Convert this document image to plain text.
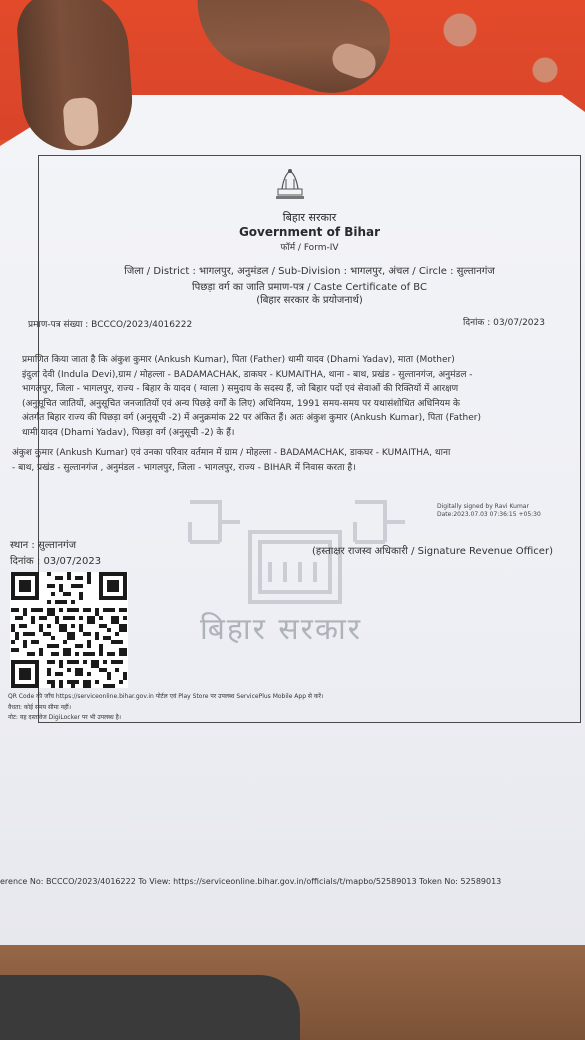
बिहार सरकार
Government of Bihar
फॉर्म / Form-IV
जिला / District : भागलपुर, अनुमंडल / Sub-Division : भागलपुर, अंचल / Circle : सुल्तानगंज
पिछड़ा वर्ग का जाति प्रमाण-पत्र / Caste Certificate of BC
(बिहार सरकार के प्रयोजनार्थ)
प्रमाण-पत्र संख्या : BCCCO/2023/4016222	दिनांक : 03/07/2023
प्रमाणित किया जाता है कि अंकुश कुमार (Ankush Kumar), पिता (Father) धामी यादव (Dhami Yadav), माता (Mother)
इंदुला देवी (Indula Devi),ग्राम / मोहल्ला - BADAMACHAK, डाकघर - KUMAITHA, थाना - बाथ, प्रखंड - सुल्तानगंज, अनुमंडल -
भागलपुर, जिला - भागलपुर, राज्य - बिहार के यादव ( ग्वाला ) समुदाय के सदस्य हैं, जो बिहार पदों एवं सेवाओं की रिक्तियों में आरक्षण
(अनुसूचित जातियों, अनुसूचित जनजातियों एवं अन्य पिछड़े वर्गों के लिए) अधिनियम, 1991 समय-समय पर यथासंशोधित अधिनियम के
अंतर्गत बिहार राज्य की पिछड़ा वर्ग (अनुसूची -2) में अनुक्रमांक 22 पर अंकित हैं। अतः अंकुश कुमार (Ankush Kumar), पिता (Father)
धामी यादव (Dhami Yadav), पिछड़ा वर्ग (अनुसूची -2) के हैं।
अंकुश कुमार (Ankush Kumar) एवं उनका परिवार वर्तमान में ग्राम / मोहल्ला - BADAMACHAK, डाकघर - KUMAITHA, थाना
- बाथ, प्रखंड - सुल्तानगंज , अनुमंडल - भागलपुर, जिला - भागलपुर, राज्य - BIHAR में निवास करता है।
बिहार सरकार
Digitally signed by Ravi Kumar
Date:2023.07.03 07:36:15 +05:30
स्थान : सुल्तानगंज
दिनांक : 03/07/2023
(हस्ताक्षर राजस्व अधिकारी / Signature Revenue Officer)
QR Code की जाँच https://serviceonline.bihar.gov.in पोर्टल एवं Play Store पर उपलब्ध ServicePlus Mobile App से करें।
वैधता: कोई समय सीमा नहीं।
नोट: यह दस्तावेज DigiLocker पर भी उपलब्ध है।
erence No: BCCCO/2023/4016222 To View: https://serviceonline.bihar.gov.in/officials/t/mapbo/52589013 Token No: 52589013
